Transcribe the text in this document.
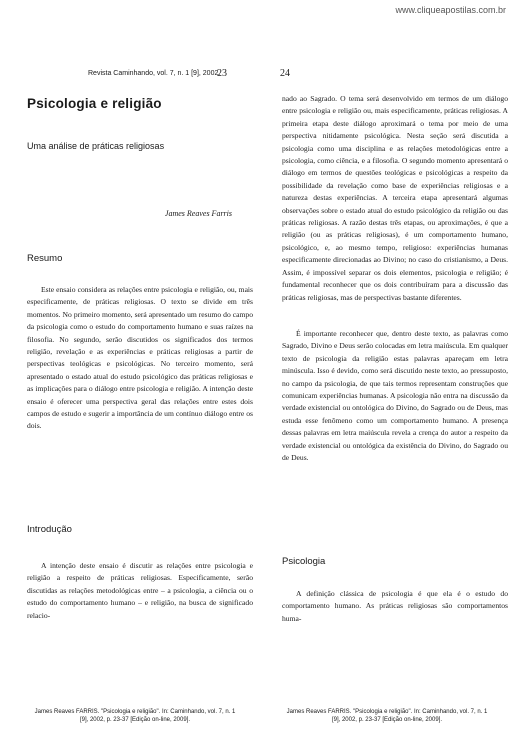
www.cliqueapostilas.com.br
Revista Caminhando, vol. 7, n. 1 [9], 2002.
23
Psicologia e religião
Uma análise de práticas religiosas
James Reaves Farris
Resumo

Este ensaio considera as relações entre psicologia e religião, ou, mais especificamente, de práticas religiosas. O texto se divide em três momentos. No primeiro momento, será apresentado um resumo do campo da psicologia como o estudo do comportamento humano e suas raízes na filosofia. No segundo, serão discutidos os significados dos termos religião, revelação e as experiências e práticas religiosas a partir de perspectivas teológicas e psicológicas. No terceiro momento, será apresentado o estado atual do estudo psicológico das práticas religiosas e as implicações para o diálogo entre psicologia e religião. A intenção deste ensaio é oferecer uma perspectiva geral das relações entre estes dois campos de estudo e sugerir a importância de um contínuo diálogo entre os dois.

Introdução

A intenção deste ensaio é discutir as relações entre psicologia e religião a respeito de práticas religiosas. Especificamente, serão discutidas as relações metodológicas entre – a psicologia, a ciência ou o estudo do comportamento humano – e religião, na busca de significado relacio-

James Reaves FARRIS. "Psicologia e religião". In: Caminhando, vol. 7, n. 1 [9], 2002, p. 23-37 [Edição on-line, 2009].
24

nado ao Sagrado. O tema será desenvolvido em termos de um diálogo entre psicologia e religião ou, mais especificamente, práticas religiosas. A primeira etapa deste diálogo aproximará o tema por meio de uma perspectiva nitidamente psicológica. Nesta seção será discutida a psicologia como uma disciplina e as relações metodológicas entre a psicologia, como ciência, e a filosofia. O segundo momento apresentará o diálogo em termos de questões teológicas e psicológicas a respeito da possibilidade da revelação como base de experiências religiosas e a natureza destas experiências. A terceira etapa apresentará algumas observações sobre o estado atual do estudo psicológico da religião ou das práticas religiosas. A razão destas três etapas, ou aproximações, é que a religião (ou as práticas religiosas), é um comportamento humano, psicológico, e, ao mesmo tempo, religioso: experiências humanas especificamente direcionadas ao Divino; no caso do cristianismo, a Deus. Assim, é impossível separar os dois elementos, psicologia e religião; é fundamental reconhecer que os dois contribuíram para a discussão das práticas religiosas, mas de perspectivas bastante diferentes.

É importante reconhecer que, dentro deste texto, as palavras como Sagrado, Divino e Deus serão colocadas em letra maiúscula. Em qualquer texto de psicologia da religião estas palavras apareçam em letra minúscula. Isso é devido, como será discutido neste texto, ao pressuposto, no campo da psicologia, de que tais termos representam construções que comunicam experiências humanas. A psicologia não entra na discussão da verdade existencial ou ontológica do Divino, do Sagrado ou de Deus, mas estuda esse fenômeno como um comportamento humano. A presença dessas palavras em letra maiúscula revela a crença do autor a respeito da verdade existencial ou ontológica da existência do Divino, do Sagrado ou de Deus.

Psicologia

A definição clássica de psicologia é que ela é o estudo do comportamento humano. As práticas religiosas são comportamentos huma-

James Reaves FARRIS. "Psicologia e religião". In: Caminhando, vol. 7, n. 1 [9], 2002, p. 23-37 [Edição on-line, 2009].
